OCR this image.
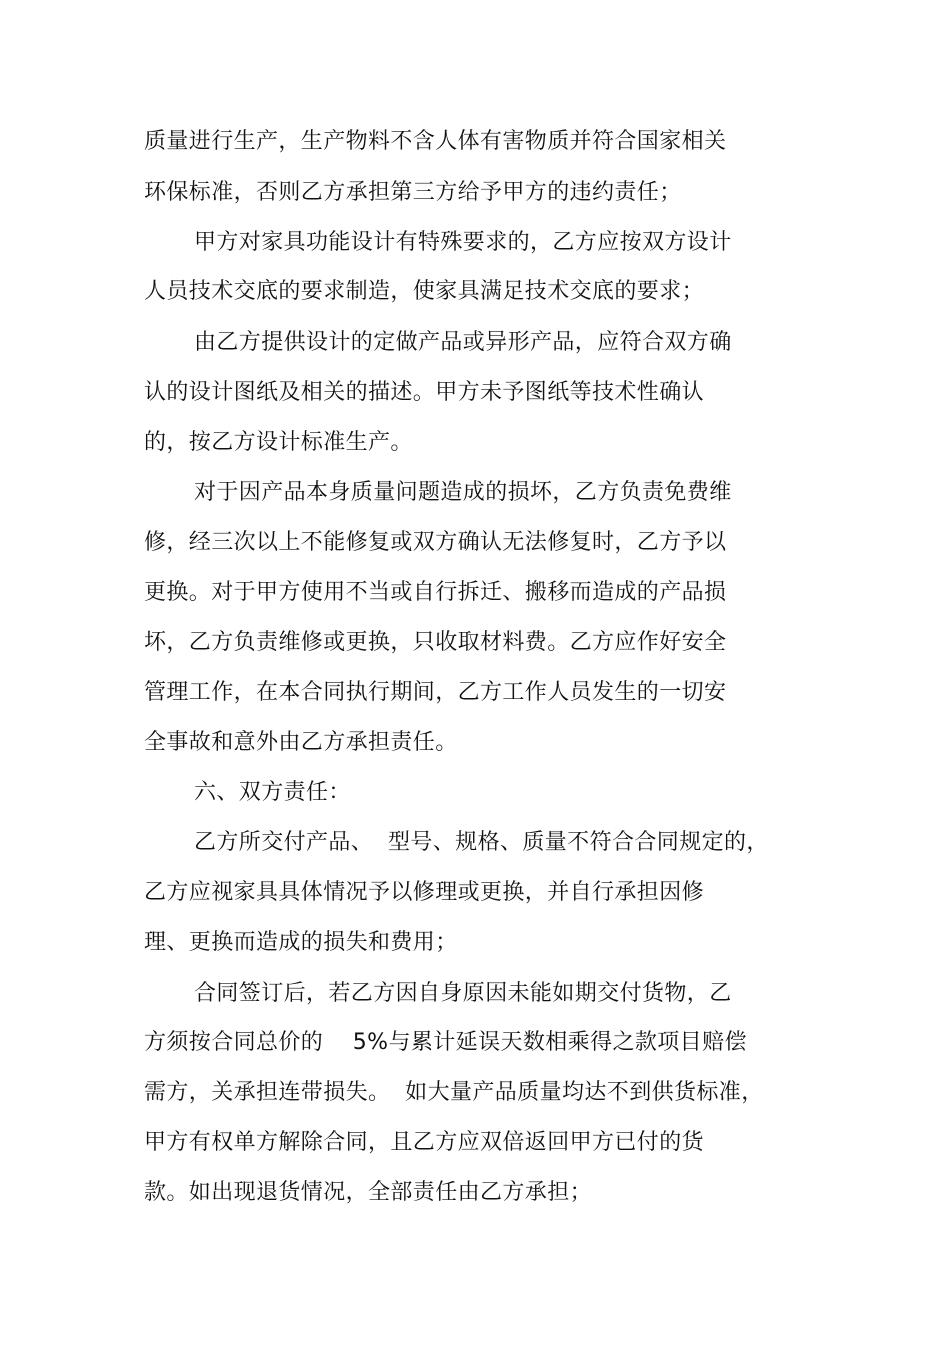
质量进行生产，生产物料不含人体有害物质并符合国家相关
环保标准，否则乙方承担第三方给予甲方的违约责任；
甲方对家具功能设计有特殊要求的，乙方应按双方设计
人员技术交底的要求制造，使家具满足技术交底的要求；
由乙方提供设计的定做产品或异形产品，应符合双方确
认的设计图纸及相关的描述。甲方未予图纸等技术性确认
的，按乙方设计标准生产。
对于因产品本身质量问题造成的损坏，乙方负责免费维
修，经三次以上不能修复或双方确认无法修复时，乙方予以
更换。对于甲方使用不当或自行拆迁、搬移而造成的产品损
坏，乙方负责维修或更换，只收取材料费。乙方应作好安全
管理工作，在本合同执行期间，乙方工作人员发生的一切安
全事故和意外由乙方承担责任。
六、双方责任：
乙方所交付产品、  型号、规格、质量不符合合同规定的，
乙方应视家具具体情况予以修理或更换，并自行承担因修
理、更换而造成的损失和费用；
合同签订后，若乙方因自身原因未能如期交付货物，乙
方须按合同总价的    5%与累计延误天数相乘得之款项目赔偿
需方，关承担连带损失。  如大量产品质量均达不到供货标准，
甲方有权单方解除合同，且乙方应双倍返回甲方已付的货
款。如出现退货情况，全部责任由乙方承担；
